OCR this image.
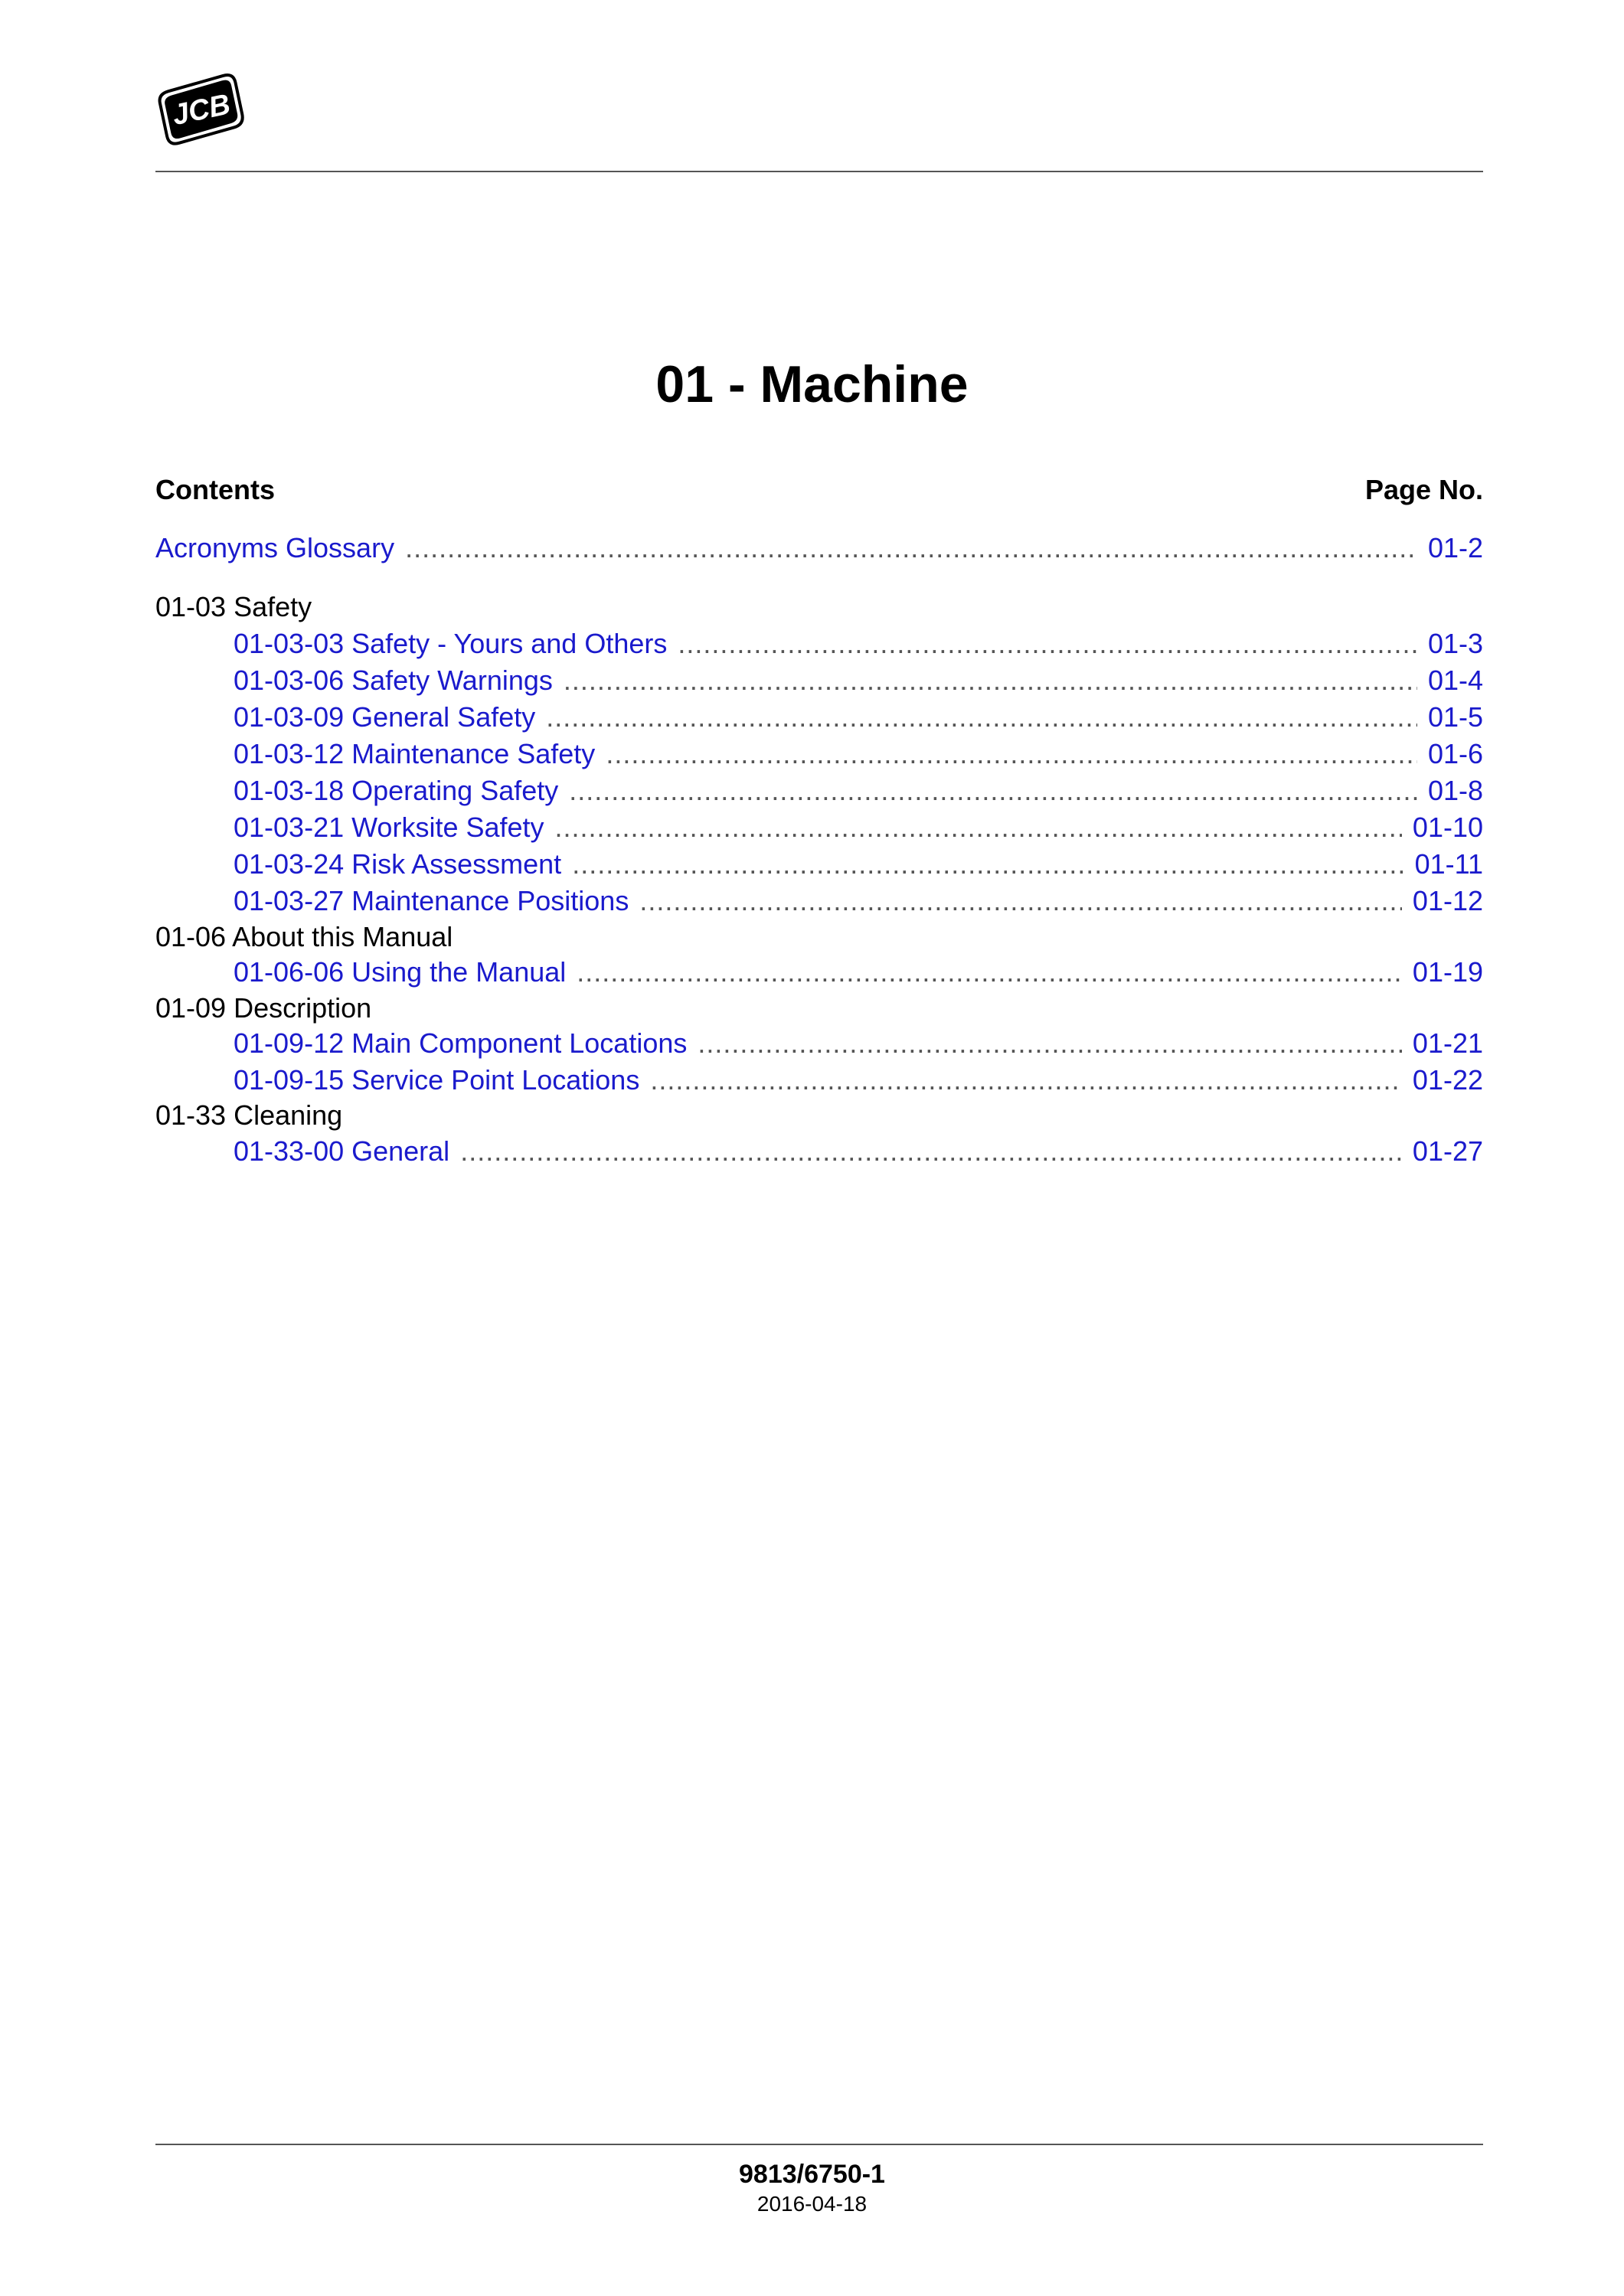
JCB
01 - Machine
Contents	Page No.
Acronyms Glossary .....	01-2
01-03 Safety
01-03-03 Safety - Yours and Others .....	01-3
01-03-06 Safety Warnings .....	01-4
01-03-09 General Safety .....	01-5
01-03-12 Maintenance Safety .....	01-6
01-03-18 Operating Safety .....	01-8
01-03-21 Worksite Safety .....	01-10
01-03-24 Risk Assessment .....	01-11
01-03-27 Maintenance Positions .....	01-12
01-06 About this Manual
01-06-06 Using the Manual .....	01-19
01-09 Description
01-09-12 Main Component Locations .....	01-21
01-09-15 Service Point Locations .....	01-22
01-33 Cleaning
01-33-00 General .....	01-27
9813/6750-1
2016-04-18
